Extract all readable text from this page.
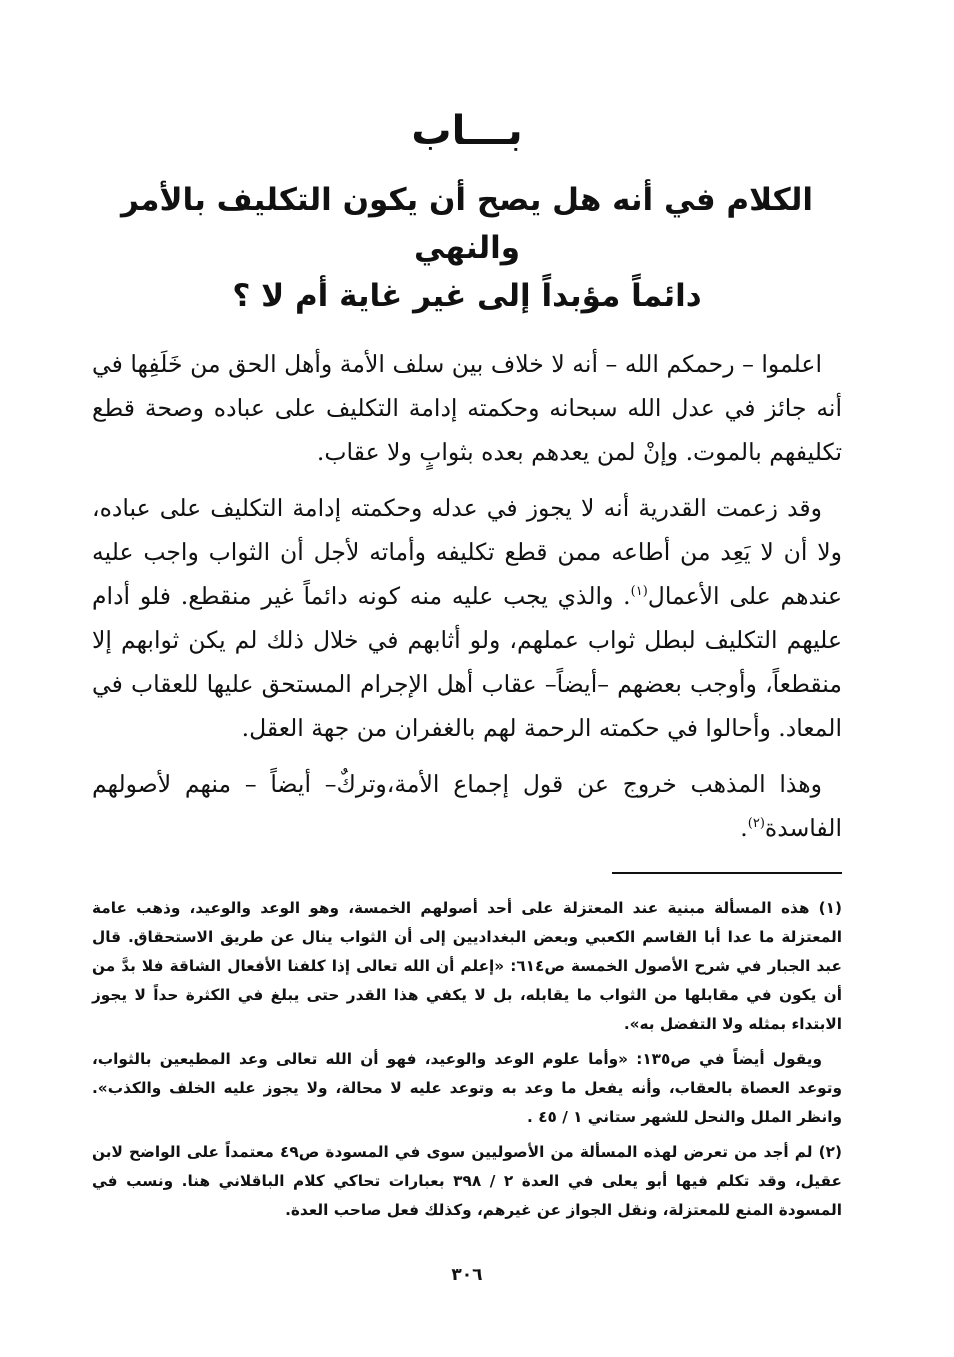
بـــاب
الكلام في أنه هل يصح أن يكون التكليف بالأمر والنهي
دائماً مؤبداً إلى غير غاية أم لا ؟

اعلموا – رحمكم الله – أنه لا خلاف بين سلف الأمة وأهل الحق من خَلَفِها في أنه جائز في عدل الله سبحانه وحكمته إدامة التكليف على عباده وصحة قطع تكليفهم بالموت. وإنْ لمن يعدهم بعده بثوابٍ ولا عقاب.

وقد زعمت القدرية أنه لا يجوز في عدله وحكمته إدامة التكليف على عباده، ولا أن لا يَعِد من أطاعه ممن قطع تكليفه وأماته لأجل أن الثواب واجب عليه عندهم على الأعمال$^{(١)}$. والذي يجب عليه منه كونه دائماً غير منقطع. فلو أدام عليهم التكليف لبطل ثواب عملهم، ولو أثابهم في خلال ذلك لم يكن ثوابهم إلا منقطعاً، وأوجب بعضهم –أيضاً– عقاب أهل الإجرام المستحق عليها للعقاب في المعاد. وأحالوا في حكمته الرحمة لهم بالغفران من جهة العقل.

وهذا المذهب خروج عن قول إجماع الأمة،وتركٌ– أيضاً – منهم لأصولهم الفاسدة$^{(٢)}$.

(١) هذه المسألة مبنية عند المعتزلة على أحد أصولهم الخمسة، وهو الوعد والوعيد، وذهب عامة المعتزلة ما عدا أبا القاسم الكعبي وبعض البغداديين إلى أن الثواب ينال عن طريق الاستحقاق. قال عبد الجبار في شرح الأصول الخمسة ص٦١٤: «إعلم أن الله تعالى إذا كلفنا الأفعال الشاقة فلا بدَّ من أن يكون في مقابلها من الثواب ما يقابله، بل لا يكفي هذا القدر حتى يبلغ في الكثرة حداً لا يجوز الابتداء بمثله ولا التفضل به».

ويقول أيضاً في ص١٣٥: «وأما علوم الوعد والوعيد، فهو أن الله تعالى وعد المطيعين بالثواب، وتوعد العصاة بالعقاب، وأنه يفعل ما وعد به وتوعد عليه لا محالة، ولا يجوز عليه الخلف والكذب». وانظر الملل والنحل للشهر ستاني ١ / ٤٥ .

(٢) لم أجد من تعرض لهذه المسألة من الأصوليين سوى في المسودة ص٤٩ معتمداً على الواضح لابن عقيل، وقد تكلم فيها أبو يعلى في العدة ٢ / ٣٩٨ بعبارات تحاكي كلام الباقلاني هنا. ونسب في المسودة المنع للمعتزلة، ونقل الجواز عن غيرهم، وكذلك فعل صاحب العدة.

٣٠٦
